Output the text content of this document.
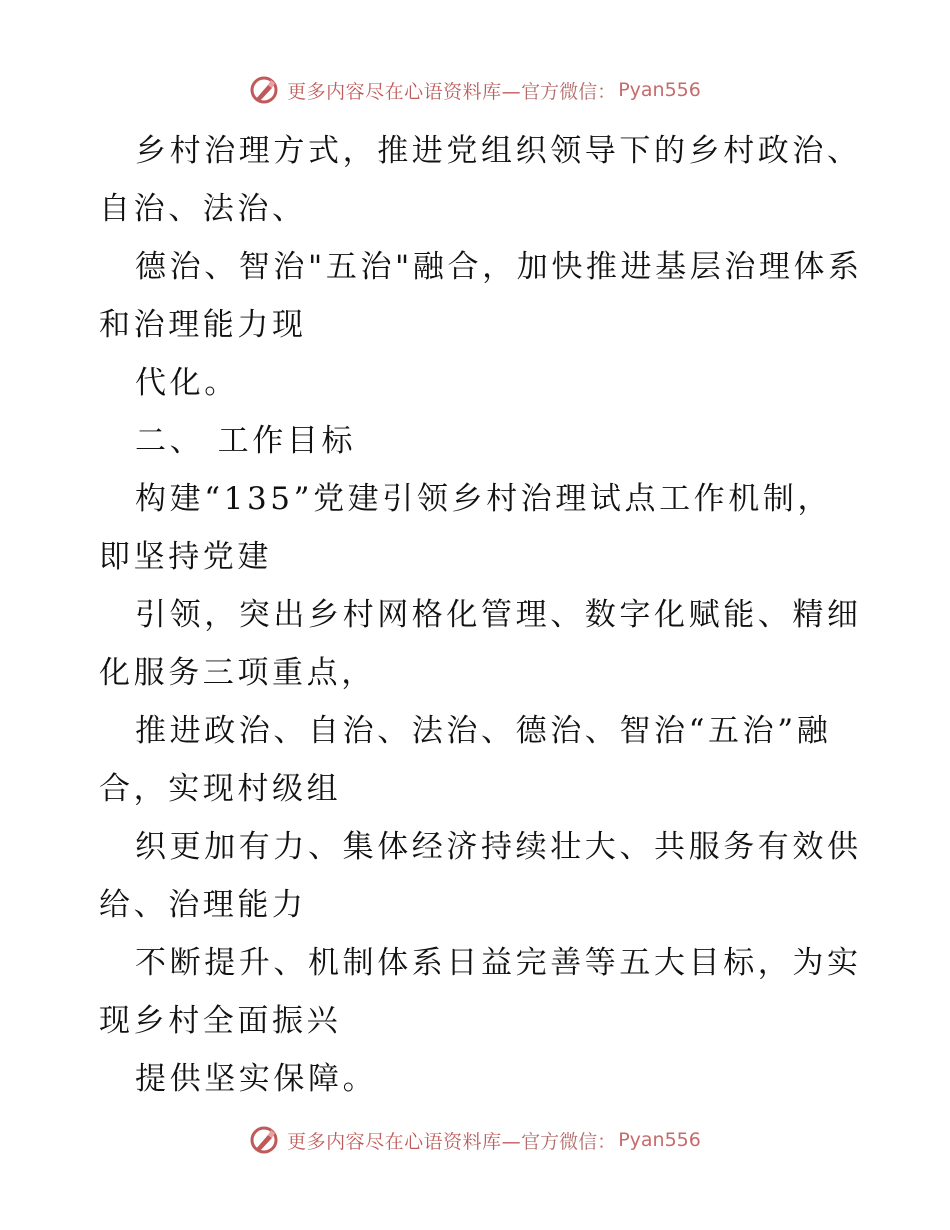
更多内容尽在心语资料库— 官方微信： Pyan556
乡村治理方式，推进党组织领导下的乡村政治、
自治、法治、
德治、智治"五治"融合，加快推进基层治理体系
和治理能力现
代化。
二、 工作目标
构建“135”党建引领乡村治理试点工作机制，
即坚持党建
引领，突出乡村网格化管理、数字化赋能、精细
化服务三项重点，
推进政治、自治、法治、德治、智治“五治”融
合，实现村级组
织更加有力、集体经济持续壮大、共服务有效供
给、治理能力
不断提升、机制体系日益完善等五大目标，为实
现乡村全面振兴
提供坚实保障。
更多内容尽在心语资料库— 官方微信： Pyan556
